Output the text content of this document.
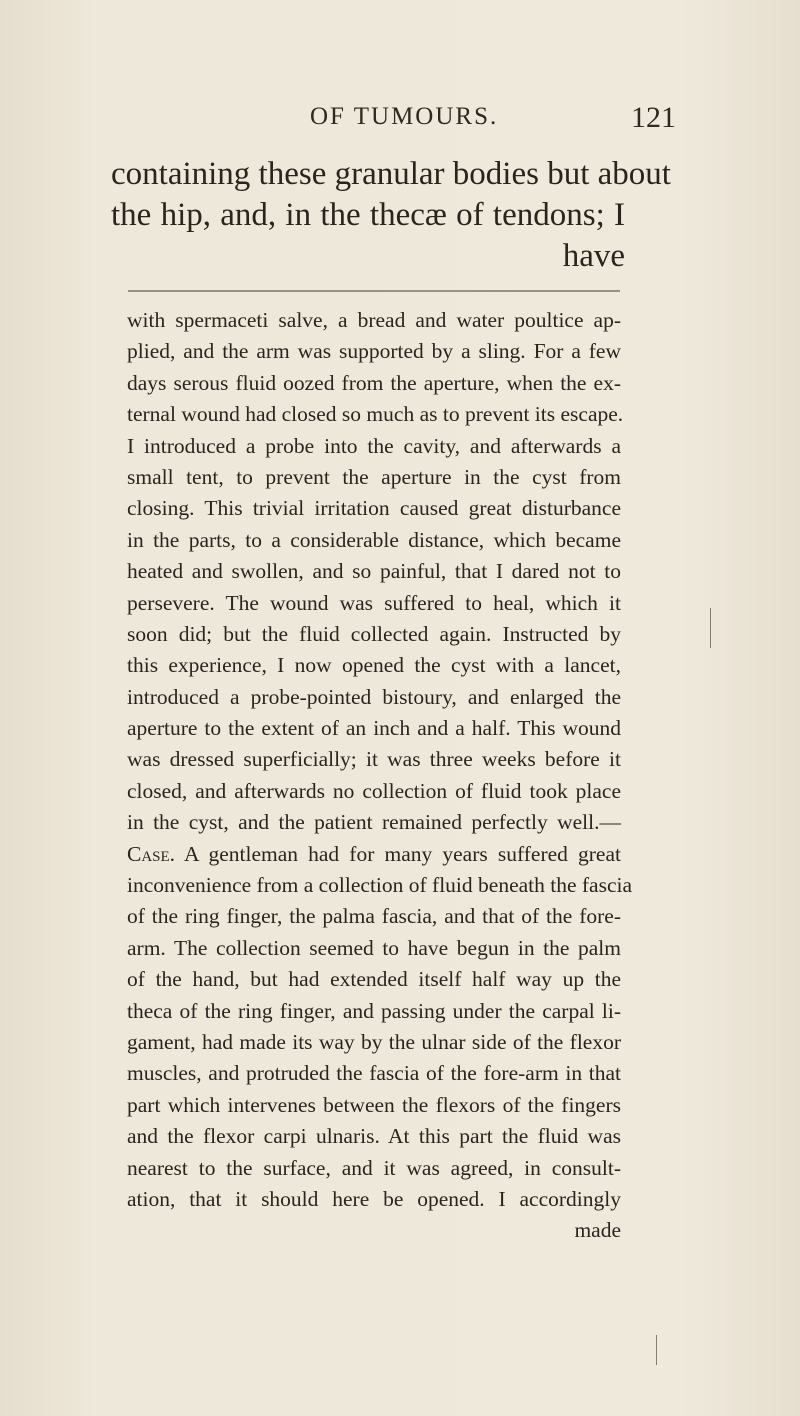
OF TUMOURS.	121
containing these granular bodies but about
the hip, and, in the thecæ of tendons; I
have
with spermaceti salve, a bread and water poultice ap-
plied, and the arm was supported by a sling. For a few
days serous fluid oozed from the aperture, when the ex-
ternal wound had closed so much as to prevent its escape.
I introduced a probe into the cavity, and afterwards a
small tent, to prevent the aperture in the cyst from
closing. This trivial irritation caused great disturbance
in the parts, to a considerable distance, which became
heated and swollen, and so painful, that I dared not to
persevere. The wound was suffered to heal, which it
soon did; but the fluid collected again. Instructed by
this experience, I now opened the cyst with a lancet,
introduced a probe-pointed bistoury, and enlarged the
aperture to the extent of an inch and a half. This wound
was dressed superficially; it was three weeks before it
closed, and afterwards no collection of fluid took place
in the cyst, and the patient remained perfectly well.—
Case. A gentleman had for many years suffered great
inconvenience from a collection of fluid beneath the fascia
of the ring finger, the palma fascia, and that of the fore-
arm. The collection seemed to have begun in the palm
of the hand, but had extended itself half way up the
theca of the ring finger, and passing under the carpal li-
gament, had made its way by the ulnar side of the flexor
muscles, and protruded the fascia of the fore-arm in that
part which intervenes between the flexors of the fingers
and the flexor carpi ulnaris. At this part the fluid was
nearest to the surface, and it was agreed, in consult-
ation, that it should here be opened. I accordingly
made
